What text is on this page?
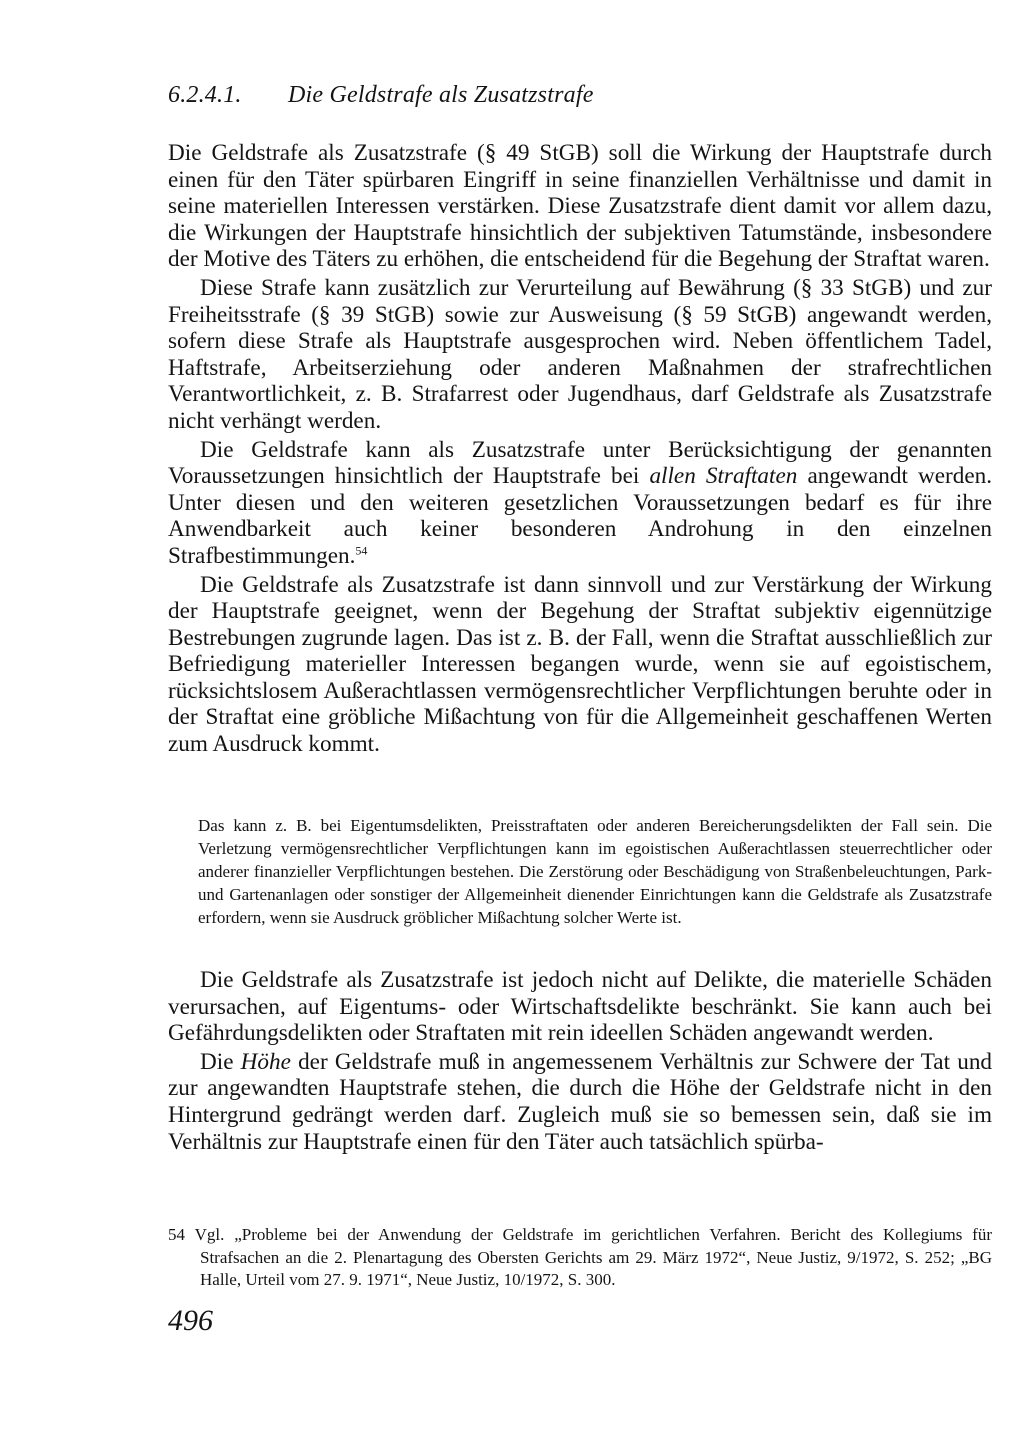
6.2.4.1. Die Geldstrafe als Zusatzstrafe

Die Geldstrafe als Zusatzstrafe (§ 49 StGB) soll die Wirkung der Hauptstrafe durch einen für den Täter spürbaren Eingriff in seine finanziellen Verhältnisse und damit in seine materiellen Interessen verstärken. Diese Zusatzstrafe dient damit vor allem dazu, die Wirkungen der Hauptstrafe hinsichtlich der subjektiven Tatumstände, insbesondere der Motive des Täters zu erhöhen, die entscheidend für die Begehung der Straftat waren.

Diese Strafe kann zusätzlich zur Verurteilung auf Bewährung (§ 33 StGB) und zur Freiheitsstrafe (§ 39 StGB) sowie zur Ausweisung (§ 59 StGB) angewandt werden, sofern diese Strafe als Hauptstrafe ausgesprochen wird. Neben öffentlichem Tadel, Haftstrafe, Arbeitserziehung oder anderen Maßnahmen der strafrechtlichen Verantwortlichkeit, z. B. Strafarrest oder Jugendhaus, darf Geldstrafe als Zusatzstrafe nicht verhängt werden.

Die Geldstrafe kann als Zusatzstrafe unter Berücksichtigung der genannten Voraussetzungen hinsichtlich der Hauptstrafe bei allen Straftaten angewandt werden. Unter diesen und den weiteren gesetzlichen Voraussetzungen bedarf es für ihre Anwendbarkeit auch keiner besonderen Androhung in den einzelnen Strafbestimmungen.$^{54}$

Die Geldstrafe als Zusatzstrafe ist dann sinnvoll und zur Verstärkung der Wirkung der Hauptstrafe geeignet, wenn der Begehung der Straftat subjektiv eigennützige Bestrebungen zugrunde lagen. Das ist z. B. der Fall, wenn die Straftat ausschließlich zur Befriedigung materieller Interessen begangen wurde, wenn sie auf egoistischem, rücksichtslosem Außerachtlassen vermögensrechtlicher Verpflichtungen beruhte oder in der Straftat eine gröbliche Mißachtung von für die Allgemeinheit geschaffenen Werten zum Ausdruck kommt.

Das kann z. B. bei Eigentumsdelikten, Preisstraftaten oder anderen Bereicherungsdelikten der Fall sein. Die Verletzung vermögensrechtlicher Verpflichtungen kann im egoistischen Außerachtlassen steuerrechtlicher oder anderer finanzieller Verpflichtungen bestehen. Die Zerstörung oder Beschädigung von Straßenbeleuchtungen, Park- und Gartenanlagen oder sonstiger der Allgemeinheit dienender Einrichtungen kann die Geldstrafe als Zusatzstrafe erfordern, wenn sie Ausdruck gröblicher Mißachtung solcher Werte ist.

Die Geldstrafe als Zusatzstrafe ist jedoch nicht auf Delikte, die materielle Schäden verursachen, auf Eigentums- oder Wirtschaftsdelikte beschränkt. Sie kann auch bei Gefährdungsdelikten oder Straftaten mit rein ideellen Schäden angewandt werden.

Die Höhe der Geldstrafe muß in angemessenem Verhältnis zur Schwere der Tat und zur angewandten Hauptstrafe stehen, die durch die Höhe der Geldstrafe nicht in den Hintergrund gedrängt werden darf. Zugleich muß sie so bemessen sein, daß sie im Verhältnis zur Hauptstrafe einen für den Täter auch tatsächlich spürba-

54 Vgl. „Probleme bei der Anwendung der Geldstrafe im gerichtlichen Verfahren. Bericht des Kollegiums für Strafsachen an die 2. Plenartagung des Obersten Gerichts am 29. März 1972“, Neue Justiz, 9/1972, S. 252; „BG Halle, Urteil vom 27. 9. 1971“, Neue Justiz, 10/1972, S. 300.
496
